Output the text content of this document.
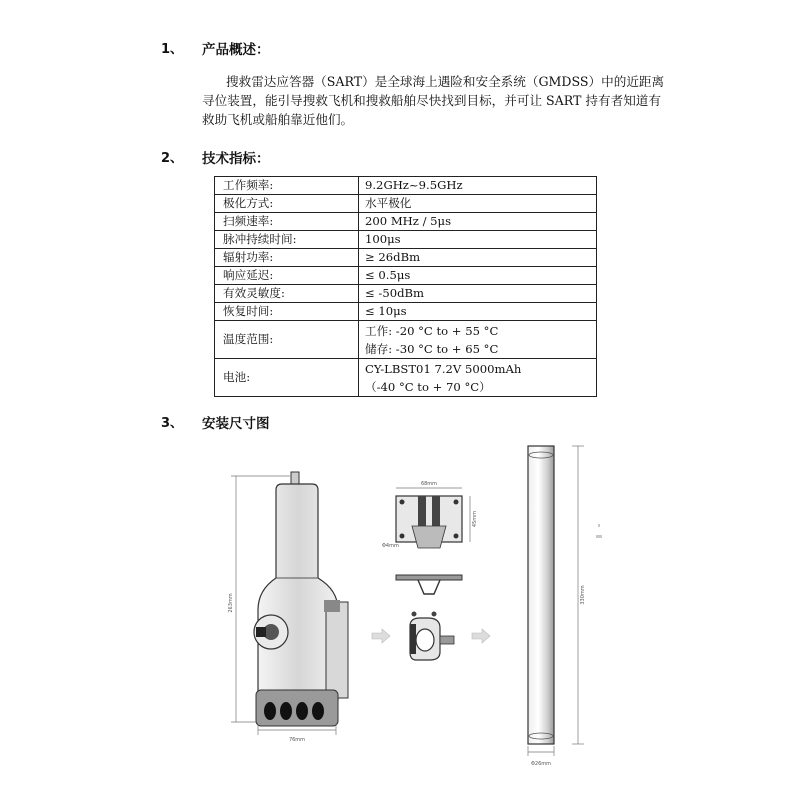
1、 产品概述：
搜救雷达应答器（SART）是全球海上遇险和安全系统（GMDSS）中的近距离
寻位装置，能引导搜救飞机和搜救船舶尽快找到目标，并可让 SART 持有者知道有
救助飞机或船舶靠近他们。
2、 技术指标：
工作频率:	9.2GHz~9.5GHz
极化方式:	水平极化
扫频速率:	200 MHz / 5μs
脉冲持续时间:	100μs
辐射功率:	≥ 26dBm
响应延迟:	≤ 0.5μs
有效灵敏度:	≤ -50dBm
恢复时间:	≤ 10μs
温度范围:	工作: -20 °C to + 55 °C
储存: -30 °C to + 65 °C

电池:	CY-LBST01 7.2V 5000mAh
（-40 °C to + 70 °C）
3、 安装尺寸图
263mm
76mm
68mm
45mm
Φ4mm
330mm
Φ26mm
